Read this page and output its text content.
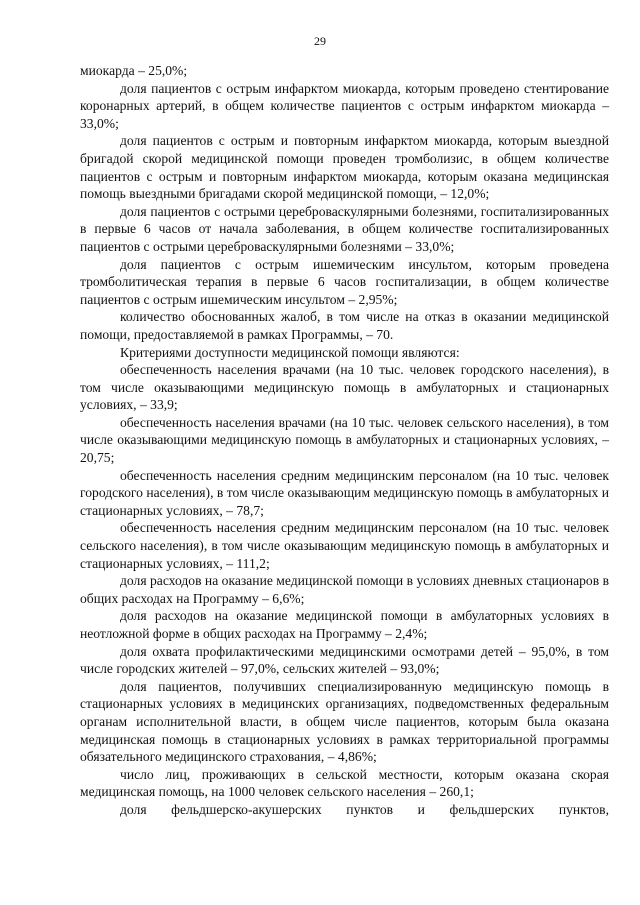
29

миокарда – 25,0%;

доля пациентов с острым инфарктом миокарда, которым проведено стентирование коронарных артерий, в общем количестве пациентов с острым инфарктом миокарда – 33,0%;

доля пациентов с острым и повторным инфарктом миокарда, которым выездной бригадой скорой медицинской помощи проведен тромболизис, в общем количестве пациентов с острым и повторным инфарктом миокарда, которым оказана медицинская помощь выездными бригадами скорой медицинской помощи, – 12,0%;

доля пациентов с острыми цереброваскулярными болезнями, госпитализированных в первые 6 часов от начала заболевания, в общем количестве госпитализированных пациентов с острыми цереброваскулярными болезнями – 33,0%;

доля пациентов с острым ишемическим инсультом, которым проведена тромболитическая терапия в первые 6 часов госпитализации, в общем количестве пациентов с острым ишемическим инсультом – 2,95%;

количество обоснованных жалоб, в том числе на отказ в оказании медицинской помощи, предоставляемой в рамках Программы, – 70.

Критериями доступности медицинской помощи являются:

обеспеченность населения врачами (на 10 тыс. человек городского населения), в том числе оказывающими медицинскую помощь в амбулаторных и стационарных условиях, – 33,9;

обеспеченность населения врачами (на 10 тыс. человек сельского населения), в том числе оказывающими медицинскую помощь в амбулаторных и стационарных условиях, – 20,75;

обеспеченность населения средним медицинским персоналом (на 10 тыс. человек городского населения), в том числе оказывающим медицинскую помощь в амбулаторных и стационарных условиях, – 78,7;

обеспеченность населения средним медицинским персоналом (на 10 тыс. человек сельского населения), в том числе оказывающим медицинскую помощь в амбулаторных и стационарных условиях, – 111,2;

доля расходов на оказание медицинской помощи в условиях дневных стационаров в общих расходах на Программу – 6,6%;

доля расходов на оказание медицинской помощи в амбулаторных условиях в неотложной форме в общих расходах на Программу – 2,4%;

доля охвата профилактическими медицинскими осмотрами детей – 95,0%, в том числе городских жителей – 97,0%, сельских жителей – 93,0%;

доля пациентов, получивших специализированную медицинскую помощь в стационарных условиях в медицинских организациях, подведомственных федеральным органам исполнительной власти, в общем числе пациентов, которым была оказана медицинская помощь в стационарных условиях в рамках территориальной программы обязательного медицинского страхования, – 4,86%;

число лиц, проживающих в сельской местности, которым оказана скорая медицинская помощь, на 1000 человек сельского населения – 260,1;

доля фельдшерско-акушерских пунктов и фельдшерских пунктов,
